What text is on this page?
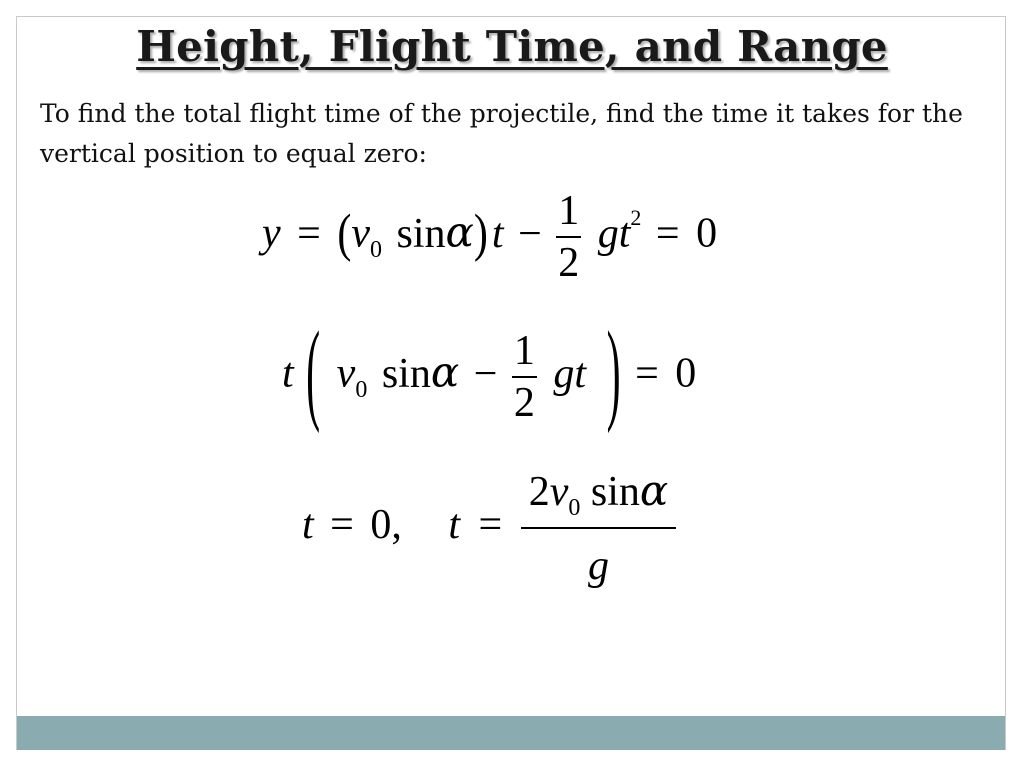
Height, Flight Time, and Range
To find the total flight time of the projectile, find the time it takes for the vertical position to equal zero:
$y = (v_0$ $\sin\alpha)t - \frac{1}{2} gt^2 = 0$
t ( $v_0$ $\sin\alpha - \frac{1}{2}$ gt ) = 0
t = 0, $t = \frac{2v_0 \sin\alpha}{g}$
